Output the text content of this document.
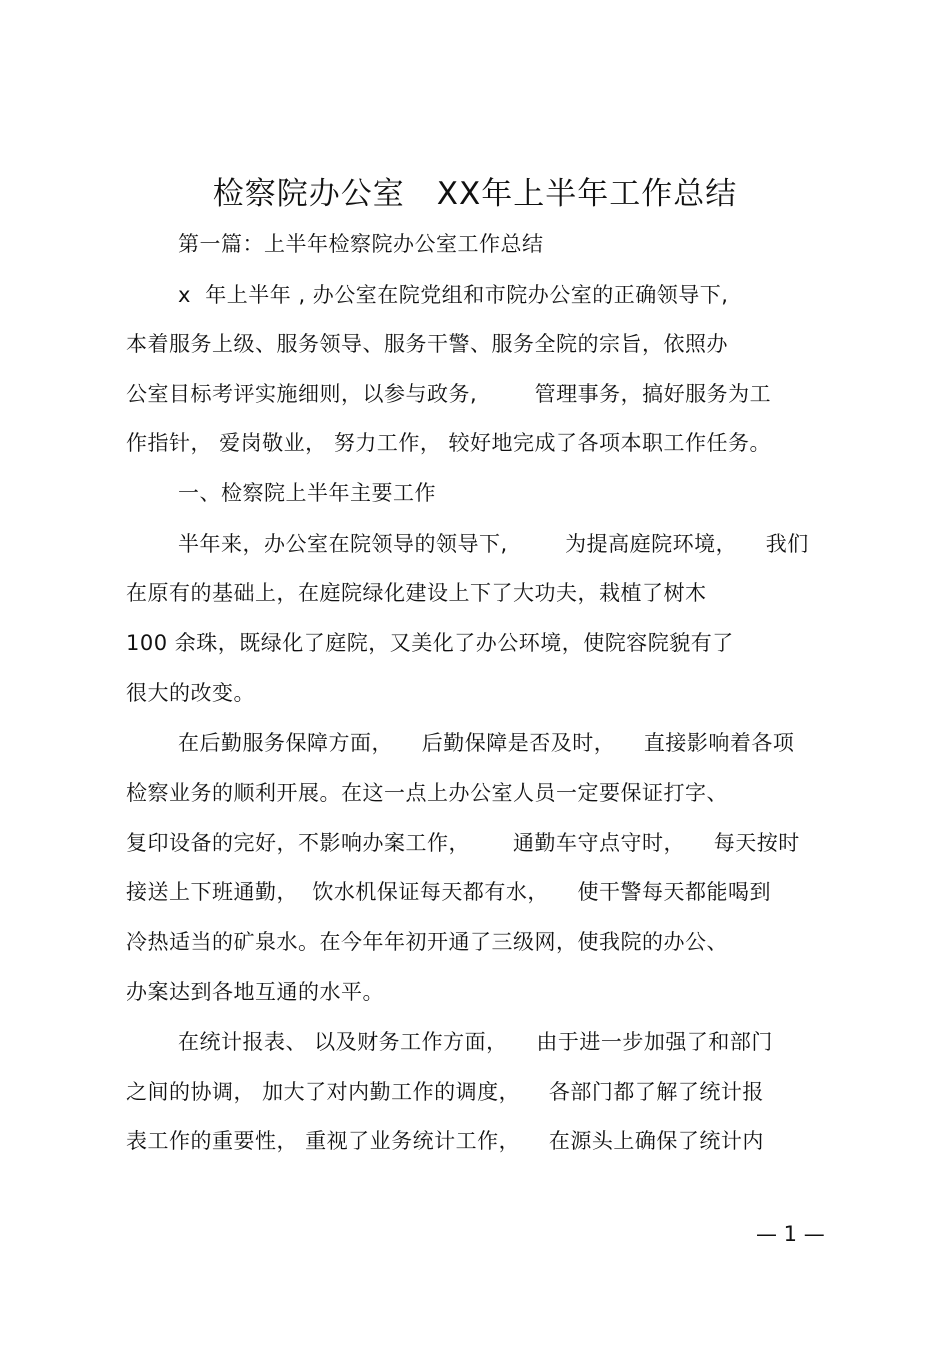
检察院办公室　XX年上半年工作总结
第一篇：上半年检察院办公室工作总结
x  年上半年 , 办公室在院党组和市院办公室的正确领导下,
本着服务上级、服务领导、服务干警、服务全院的宗旨，依照办
公室目标考评实施细则，以参与政务,        管理事务，搞好服务为工
作指针， 爱岗敬业， 努力工作， 较好地完成了各项本职工作任务。
一、检察院上半年主要工作
半年来，办公室在院领导的领导下,        为提高庭院环境，    我们
在原有的基础上，在庭院绿化建设上下了大功夫，栽植了树木
100 余珠，既绿化了庭院，又美化了办公环境，使院容院貌有了
很大的改变。
在后勤服务保障方面，    后勤保障是否及时，    直接影响着各项
检察业务的顺利开展。在这一点上办公室人员一定要保证打字、
复印设备的完好，不影响办案工作，      通勤车守点守时，    每天按时
接送上下班通勤，  饮水机保证每天都有水，    使干警每天都能喝到
冷热适当的矿泉水。在今年年初开通了三级网，使我院的办公、
办案达到各地互通的水平。
在统计报表、 以及财务工作方面，    由于进一步加强了和部门
之间的协调， 加大了对内勤工作的调度，    各部门都了解了统计报
表工作的重要性， 重视了业务统计工作，    在源头上确保了统计内
— 1 —
